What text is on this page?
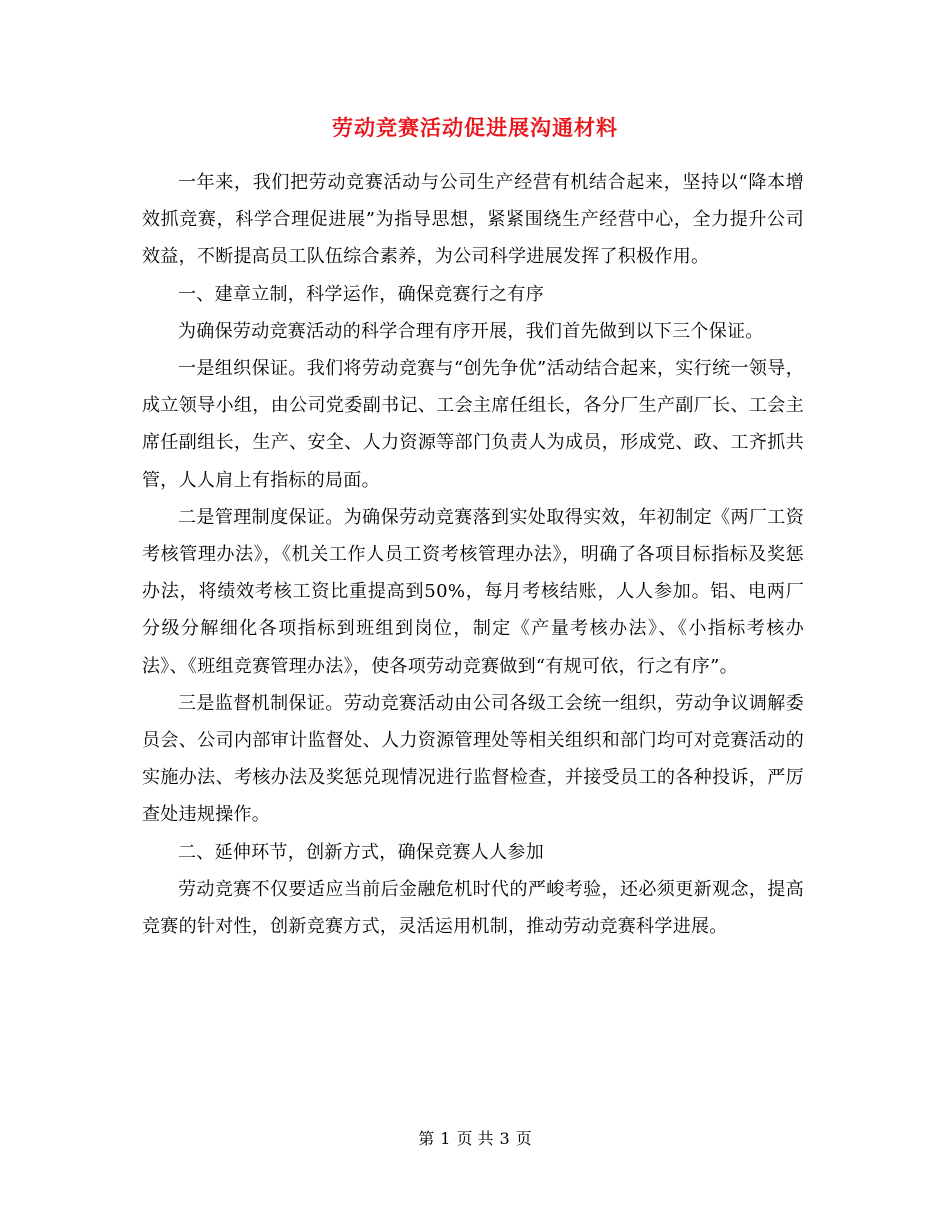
劳动竞赛活动促进展沟通材料

一年来，我们把劳动竞赛活动与公司生产经营有机结合起来，坚持以“降本增效抓竞赛，科学合理促进展”为指导思想，紧紧围绕生产经营中心，全力提升公司效益，不断提高员工队伍综合素养，为公司科学进展发挥了积极作用。

一、建章立制，科学运作，确保竞赛行之有序

为确保劳动竞赛活动的科学合理有序开展，我们首先做到以下三个保证。

一是组织保证。我们将劳动竞赛与“创先争优”活动结合起来，实行统一领导，成立领导小组，由公司党委副书记、工会主席任组长，各分厂生产副厂长、工会主席任副组长，生产、安全、人力资源等部门负责人为成员，形成党、政、工齐抓共管，人人肩上有指标的局面。

二是管理制度保证。为确保劳动竞赛落到实处取得实效，年初制定《两厂工资考核管理办法》，《机关工作人员工资考核管理办法》，明确了各项目标指标及奖惩办法，将绩效考核工资比重提高到50%，每月考核结账，人人参加。铝、电两厂分级分解细化各项指标到班组到岗位，制定《产量考核办法》、《小指标考核办法》、《班组竞赛管理办法》，使各项劳动竞赛做到“有规可依，行之有序”。

三是监督机制保证。劳动竞赛活动由公司各级工会统一组织，劳动争议调解委员会、公司内部审计监督处、人力资源管理处等相关组织和部门均可对竞赛活动的实施办法、考核办法及奖惩兑现情况进行监督检查，并接受员工的各种投诉，严厉查处违规操作。

二、延伸环节，创新方式，确保竞赛人人参加

劳动竞赛不仅要适应当前后金融危机时代的严峻考验，还必须更新观念，提高竞赛的针对性，创新竞赛方式，灵活运用机制，推动劳动竞赛科学进展。

第 1 页 共 3 页
